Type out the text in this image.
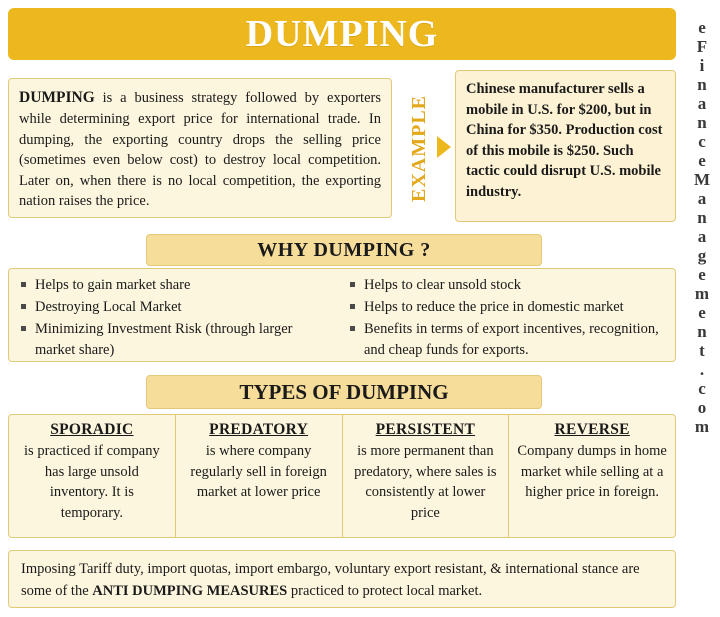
DUMPING	eFinanceManagement.com

DUMPING is a business strategy followed by exporters while determining export price for international trade. In dumping, the exporting country drops the selling price (sometimes even below cost) to destroy local competition. Later on, when there is no local competition, the exporting nation raises the price.	EXAMPLE

Chinese manufacturer sells a mobile in U.S. for $200, but in China for $350. Production cost of this mobile is $250. Such tactic could disrupt U.S. mobile industry.

WHY DUMPING ?
Helps to gain market share
Destroying Local Market
Minimizing Investment Risk (through larger market share)
Helps to clear unsold stock
Helps to reduce the price in domestic market
Benefits in terms of export incentives, recognition, and cheap funds for exports.
TYPES OF DUMPING
SPORADIC
is practiced if company has large unsold inventory. It is temporary.
PREDATORY
is where company regularly sell in foreign market at lower price
PERSISTENT
is more permanent than predatory, where sales is consistently at lower price
REVERSE
Company dumps in home market while selling at a higher price in foreign.

Imposing Tariff duty, import quotas, import embargo, voluntary export resistant, & international stance are some of the ANTI DUMPING MEASURES practiced to protect local market.
